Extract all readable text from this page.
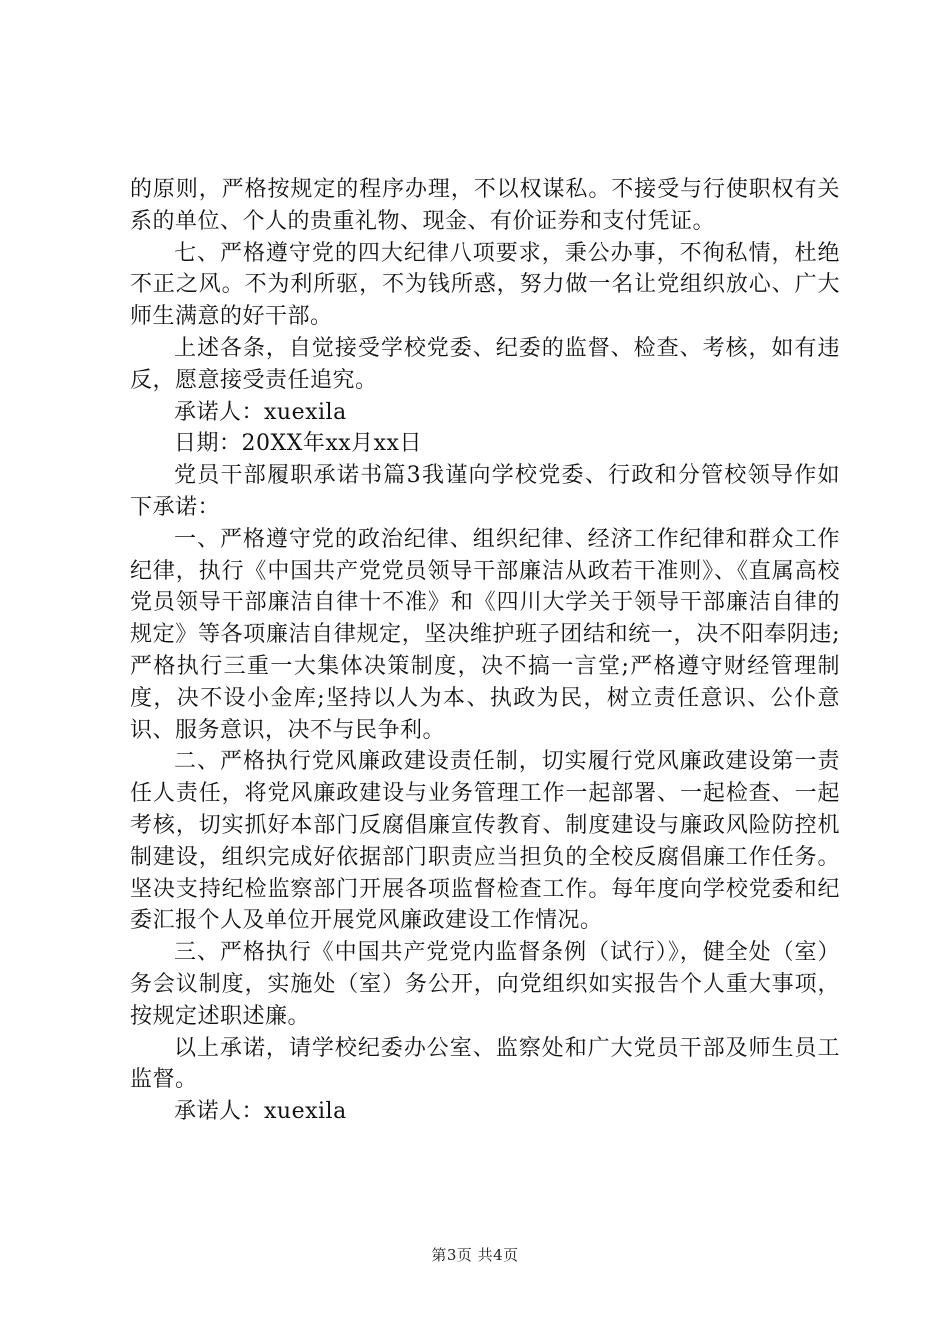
的原则，严格按规定的程序办理，不以权谋私。不接受与行使职权有关系的单位、个人的贵重礼物、现金、有价证券和支付凭证。

七、严格遵守党的四大纪律八项要求，秉公办事，不徇私情，杜绝不正之风。不为利所驱，不为钱所惑，努力做一名让党组织放心、广大师生满意的好干部。

上述各条，自觉接受学校党委、纪委的监督、检查、考核，如有违反，愿意接受责任追究。

承诺人：xuexila

日期：20XX年xx月xx日

党员干部履职承诺书篇3我谨向学校党委、行政和分管校领导作如下承诺：

一、严格遵守党的政治纪律、组织纪律、经济工作纪律和群众工作纪律，执行《中国共产党党员领导干部廉洁从政若干准则》、《直属高校党员领导干部廉洁自律十不准》和《四川大学关于领导干部廉洁自律的规定》等各项廉洁自律规定，坚决维护班子团结和统一，决不阳奉阴违;严格执行三重一大集体决策制度，决不搞一言堂;严格遵守财经管理制度，决不设小金库;坚持以人为本、执政为民，树立责任意识、公仆意识、服务意识，决不与民争利。

二、严格执行党风廉政建设责任制，切实履行党风廉政建设第一责任人责任，将党风廉政建设与业务管理工作一起部署、一起检查、一起考核，切实抓好本部门反腐倡廉宣传教育、制度建设与廉政风险防控机制建设，组织完成好依据部门职责应当担负的全校反腐倡廉工作任务。坚决支持纪检监察部门开展各项监督检查工作。每年度向学校党委和纪委汇报个人及单位开展党风廉政建设工作情况。

三、严格执行《中国共产党党内监督条例（试行）》，健全处（室）务会议制度，实施处（室）务公开，向党组织如实报告个人重大事项，按规定述职述廉。

以上承诺，请学校纪委办公室、监察处和广大党员干部及师生员工监督。

承诺人：xuexila

第3页 共4页
